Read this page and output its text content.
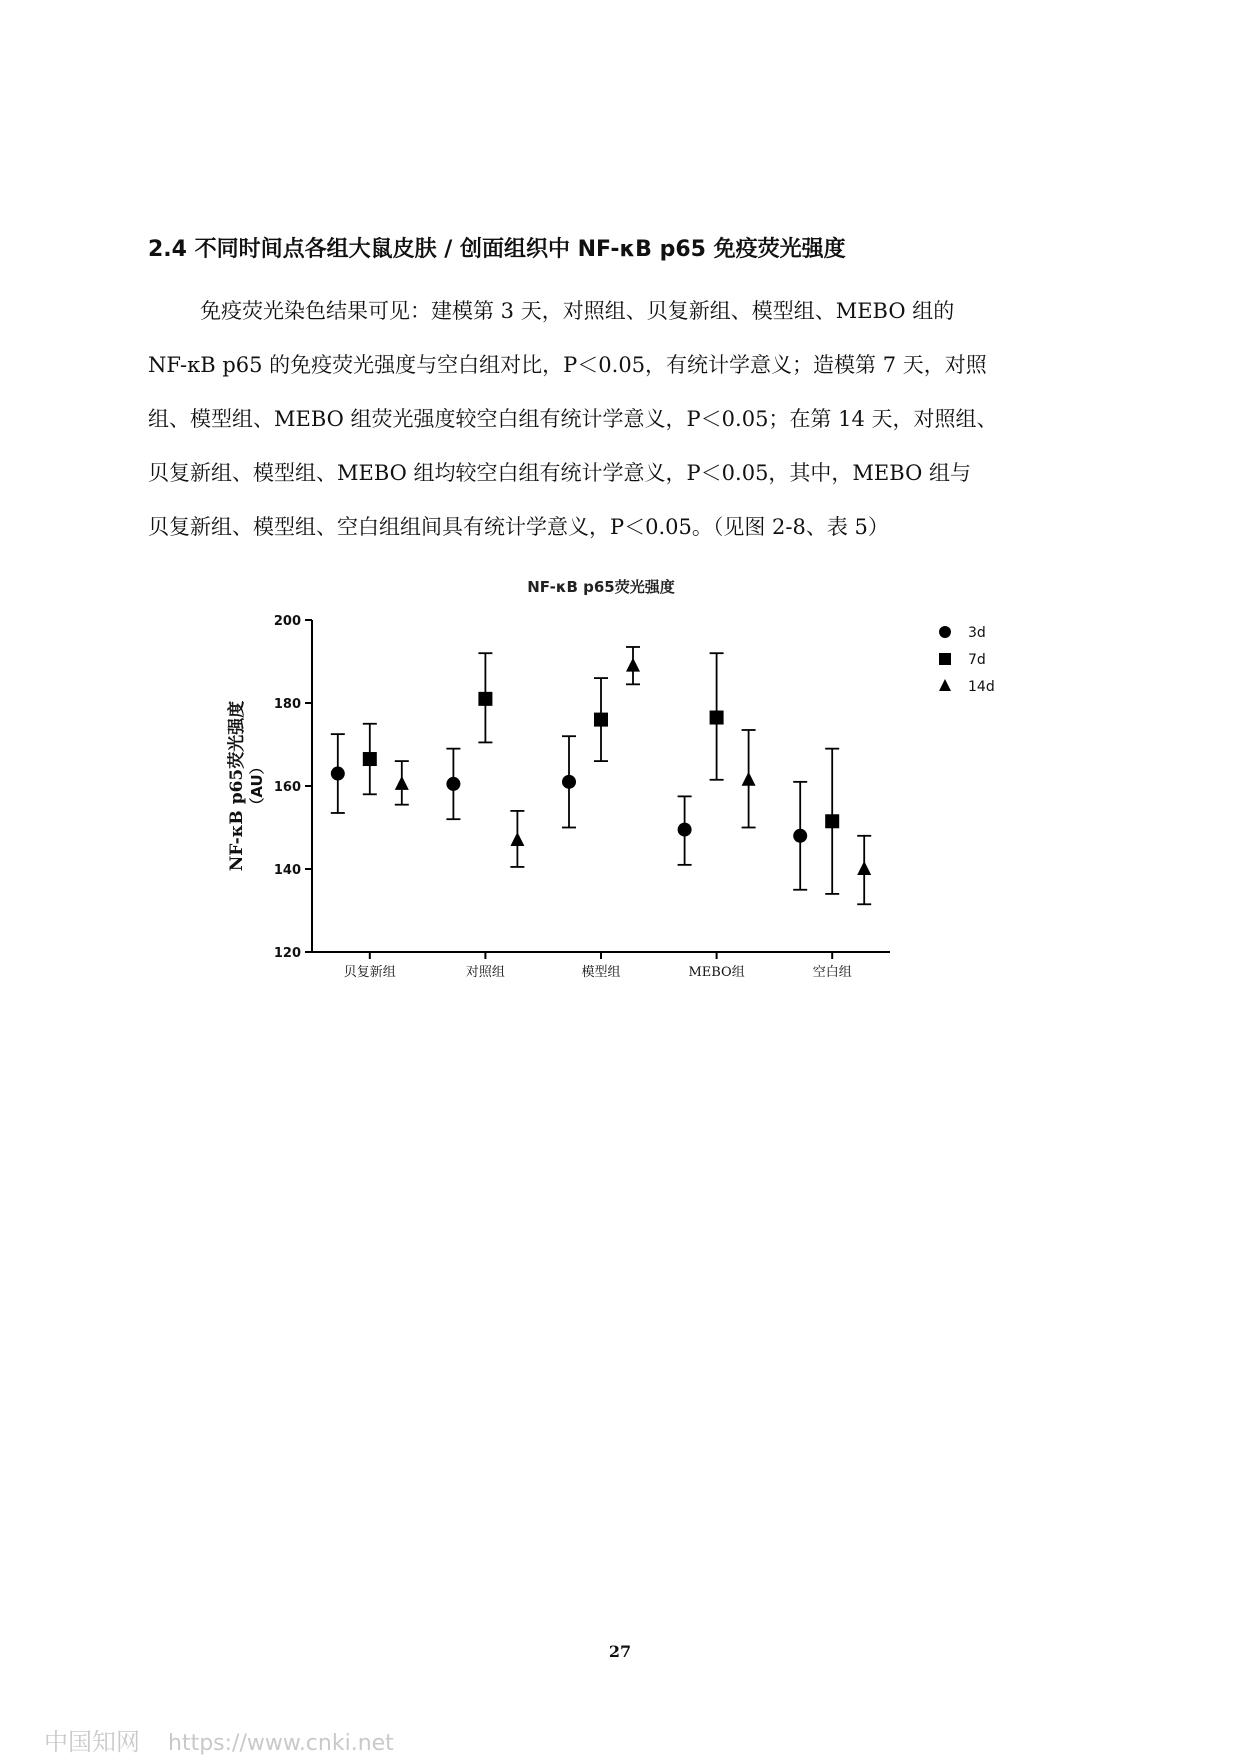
2.4 不同时间点各组大鼠皮肤 / 创面组织中 NF-κB p65 免疫荧光强度
免疫荧光染色结果可见：建模第 3 天，对照组、贝复新组、模型组、MEBO 组的
NF-κB p65 的免疫荧光强度与空白组对比，P＜0.05，有统计学意义；造模第 7 天，对照
组、模型组、MEBO 组荧光强度较空白组有统计学意义，P＜0.05；在第 14 天，对照组、
贝复新组、模型组、MEBO 组均较空白组有统计学意义，P＜0.05，其中，MEBO 组与
贝复新组、模型组、空白组组间具有统计学意义，P＜0.05。（见图 2-8、表 5）
NF-κB p65荧光强度
120
140
160
180
200
NF-κB p65荧光强度 （AU）
贝复新组	对照组	模型组	MEBO组	空白组
3d
7d
14d
27
中国知网 https://www.cnki.net
